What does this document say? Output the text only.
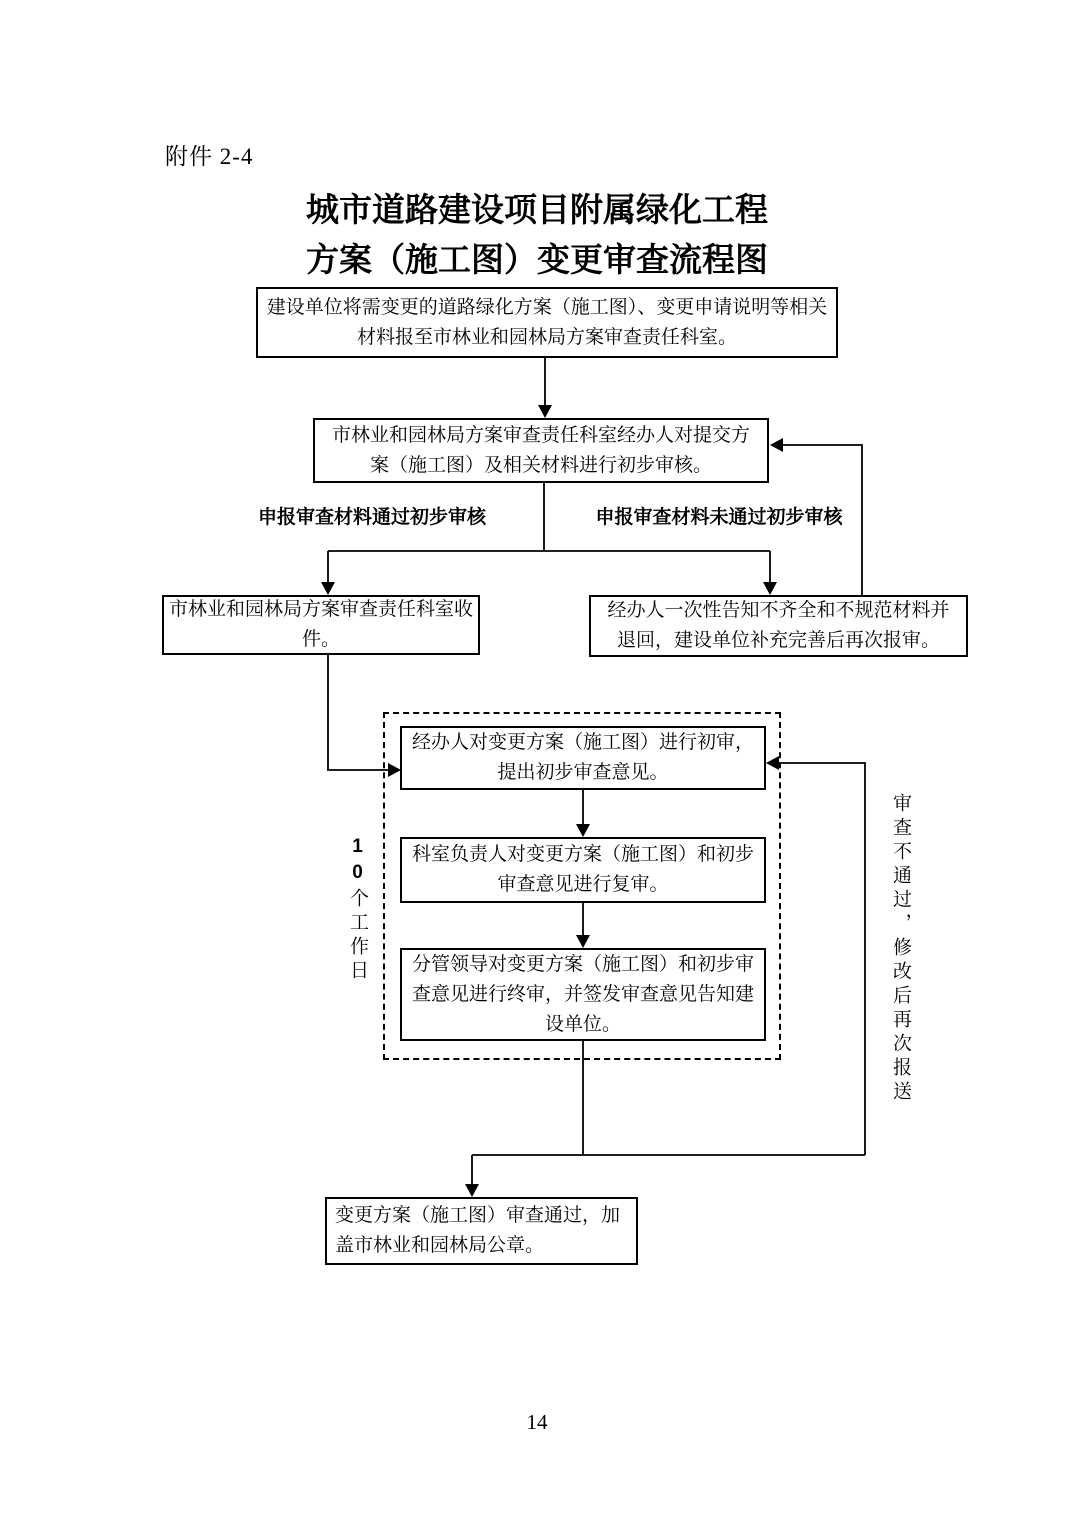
附件 2-4
城市道路建设项目附属绿化工程
方案（施工图）变更审查流程图
建设单位将需变更的道路绿化方案（施工图）、变更申请说明等相关材料报至市林业和园林局方案审查责任科室。
市林业和园林局方案审查责任科室经办人对提交方案（施工图）及相关材料进行初步审核。
市林业和园林局方案审查责任科室收件。
经办人一次性告知不齐全和不规范材料并退回，建设单位补充完善后再次报审。
经办人对变更方案（施工图）进行初审，提出初步审查意见。
科室负责人对变更方案（施工图）和初步审查意见进行复审。
分管领导对变更方案（施工图）和初步审查意见进行终审，并签发审查意见告知建设单位。
变更方案（施工图）审查通过，加盖市林业和园林局公章。
申报审查材料通过初步审核	申报审查材料未通过初步审核
10个工作日	审查不通过，修改后再次报送
14
